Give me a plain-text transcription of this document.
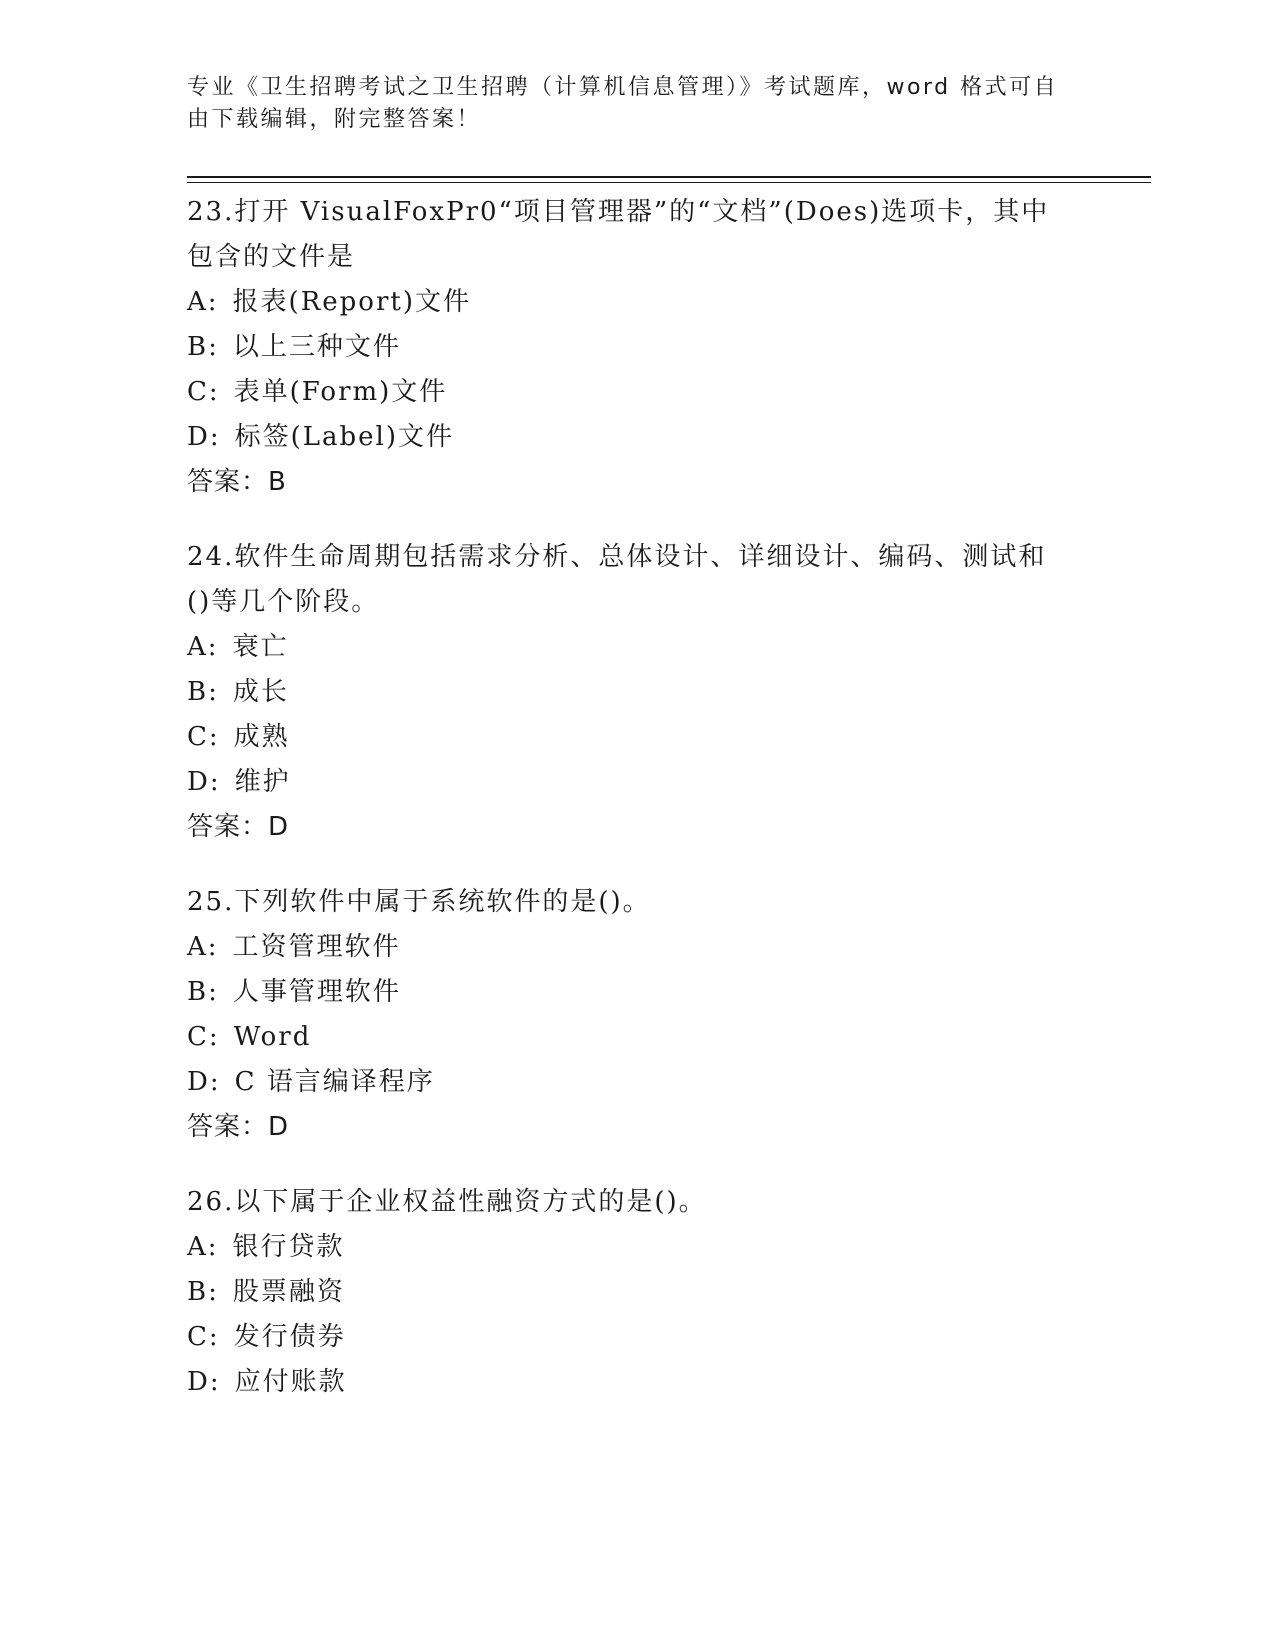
专业《卫生招聘考试之卫生招聘（计算机信息管理）》考试题库，word 格式可自
由下载编辑，附完整答案！
23.打开 VisualFoxPr0“项目管理器”的“文档”(Does)选项卡，其中
包含的文件是
A: 报表(Report)文件
B: 以上三种文件
C: 表单(Form)文件
D: 标签(Label)文件
答案：B
24.软件生命周期包括需求分析、总体设计、详细设计、编码、测试和
()等几个阶段。
A: 衰亡
B: 成长
C: 成熟
D: 维护
答案：D
25.下列软件中属于系统软件的是()。
A: 工资管理软件
B: 人事管理软件
C: Word
D: C 语言编译程序
答案：D
26.以下属于企业权益性融资方式的是()。
A: 银行贷款
B: 股票融资
C: 发行债券
D: 应付账款
